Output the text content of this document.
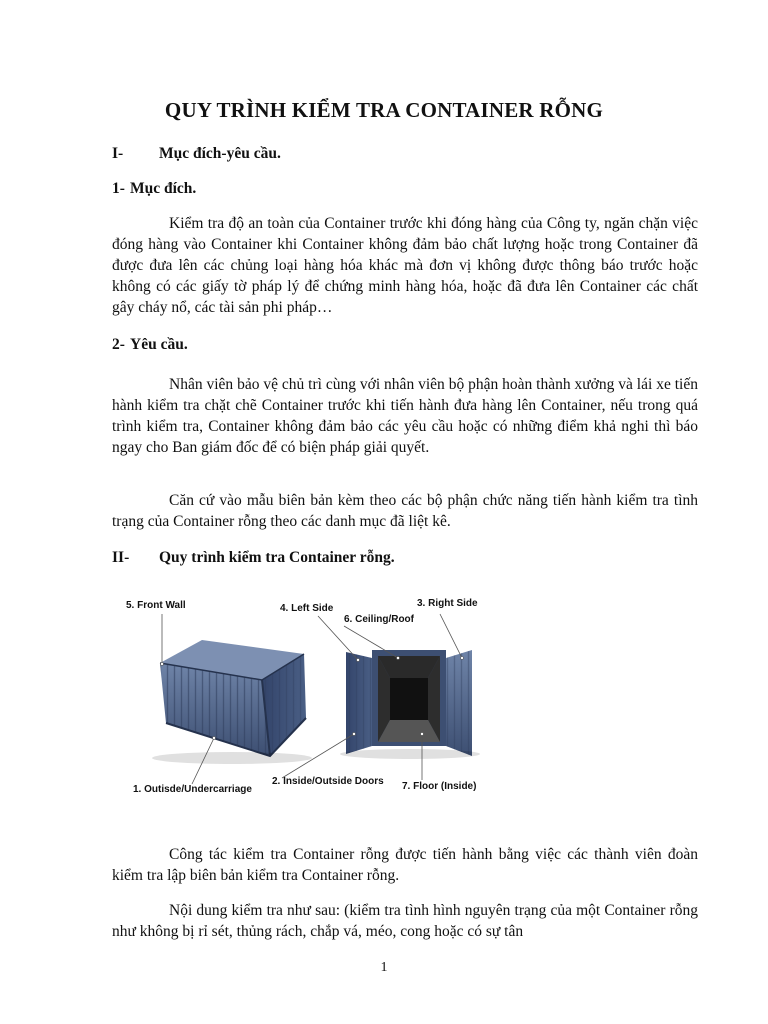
QUY TRÌNH KIỂM TRA CONTAINER RỖNG
I- Mục đích-yêu cầu.
1- Mục đích.

Kiểm tra độ an toàn của Container trước khi đóng hàng của Công ty, ngăn chặn việc đóng hàng vào Container khi Container không đảm bảo chất lượng hoặc trong Container đã được đưa lên các chủng loại hàng hóa khác mà đơn vị không được thông báo trước hoặc không có các giấy tờ pháp lý để chứng minh hàng hóa, hoặc đã đưa lên Container các chất gây cháy nổ, các tài sản phi pháp…

2- Yêu cầu.

Nhân viên bảo vệ chủ trì cùng với nhân viên bộ phận hoàn thành xưởng và lái xe tiến hành kiểm tra chặt chẽ Container trước khi tiến hành đưa hàng lên Container, nếu trong quá trình kiểm tra, Container không đảm bảo các yêu cầu hoặc có những điểm khả nghi thì báo ngay cho Ban giám đốc để có biện pháp giải quyết.

Căn cứ vào mẫu biên bản kèm theo các bộ phận chức năng tiến hành kiểm tra tình trạng của Container rỗng theo các danh mục đã liệt kê.

II- Quy trình kiểm tra Container rỗng.
5. Front Wall	4. Left Side	3. Right Side
6. Ceiling/Roof
1. Outisde/Undercarriage
2. Inside/Outside Doors 7. Floor (Inside)

Công tác kiểm tra Container rỗng được tiến hành bằng việc các thành viên đoàn kiểm tra lập biên bản kiểm tra Container rỗng.

Nội dung kiểm tra như sau: (kiểm tra tình hình nguyên trạng của một Container rỗng như không bị rỉ sét, thủng rách, chắp vá, méo, cong hoặc có sự tân

1
